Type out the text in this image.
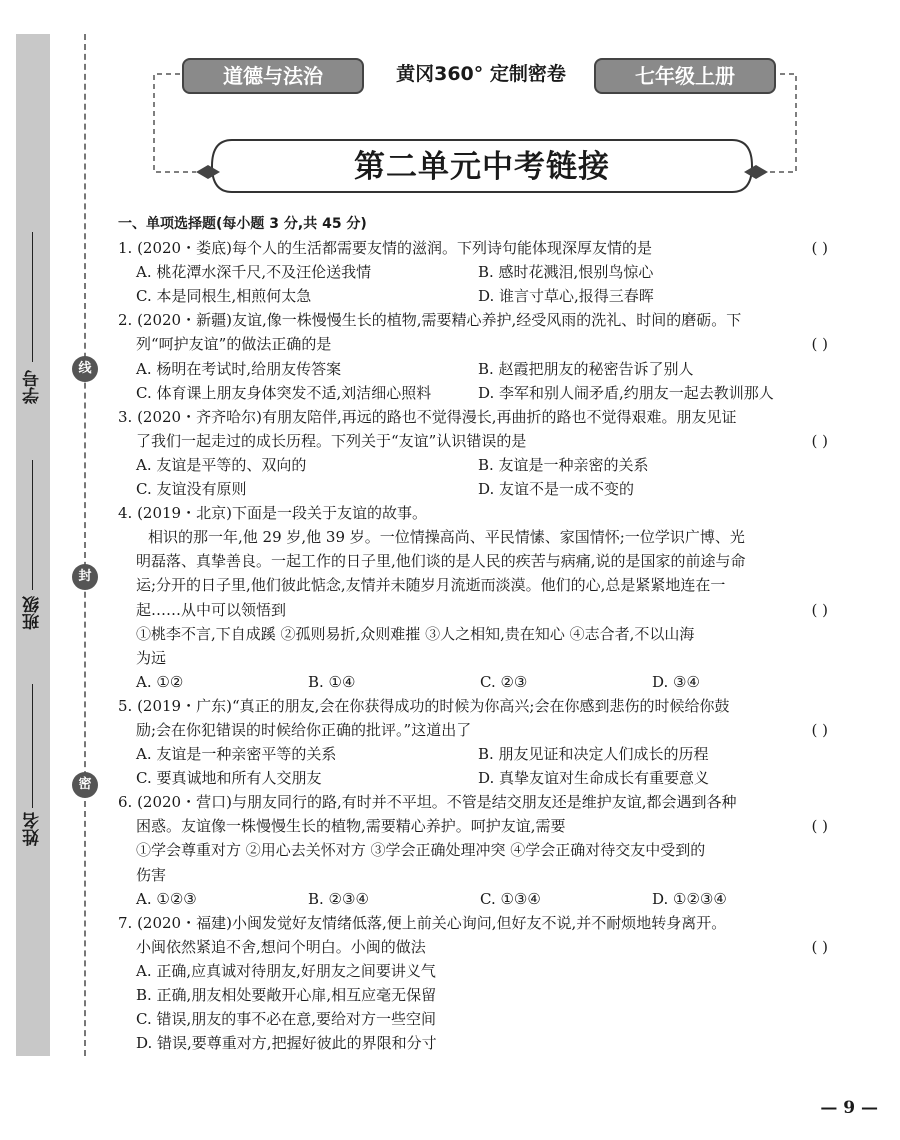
学号
班级
姓名
线
封
密
道德与法治	黄冈360° 定制密卷	七年级上册
第二单元中考链接
一、单项选择题(每小题 3 分,共 45 分)
1. (2020・娄底)每个人的生活都需要友情的滋润。下列诗句能体现深厚友情的是	( )
A. 桃花潭水深千尺,不及汪伦送我情	B. 感时花溅泪,恨别鸟惊心
C. 本是同根生,相煎何太急	D. 谁言寸草心,报得三春晖
2. (2020・新疆)友谊,像一株慢慢生长的植物,需要精心养护,经受风雨的洗礼、时间的磨砺。下
列“呵护友谊”的做法正确的是	( )
A. 杨明在考试时,给朋友传答案	B. 赵霞把朋友的秘密告诉了别人
C. 体育课上朋友身体突发不适,刘洁细心照料	D. 李军和别人闹矛盾,约朋友一起去教训那人
3. (2020・齐齐哈尔)有朋友陪伴,再远的路也不觉得漫长,再曲折的路也不觉得艰难。朋友见证
了我们一起走过的成长历程。下列关于“友谊”认识错误的是	( )
A. 友谊是平等的、双向的	B. 友谊是一种亲密的关系
C. 友谊没有原则	D. 友谊不是一成不变的
4. (2019・北京)下面是一段关于友谊的故事。
相识的那一年,他 29 岁,他 39 岁。一位情操高尚、平民情愫、家国情怀;一位学识广博、光
明磊落、真挚善良。一起工作的日子里,他们谈的是人民的疾苦与病痛,说的是国家的前途与命
运;分开的日子里,他们彼此惦念,友情并未随岁月流逝而淡漠。他们的心,总是紧紧地连在一
起……从中可以领悟到	( )
①桃李不言,下自成蹊 ②孤则易折,众则难摧 ③人之相知,贵在知心 ④志合者,不以山海
为远
A. ①②	B. ①④	C. ②③	D. ③④
5. (2019・广东)“真正的朋友,会在你获得成功的时候为你高兴;会在你感到悲伤的时候给你鼓
励;会在你犯错误的时候给你正确的批评。”这道出了	( )
A. 友谊是一种亲密平等的关系	B. 朋友见证和决定人们成长的历程
C. 要真诚地和所有人交朋友	D. 真挚友谊对生命成长有重要意义
6. (2020・营口)与朋友同行的路,有时并不平坦。不管是结交朋友还是维护友谊,都会遇到各种
困惑。友谊像一株慢慢生长的植物,需要精心养护。呵护友谊,需要	( )
①学会尊重对方 ②用心去关怀对方 ③学会正确处理冲突 ④学会正确对待交友中受到的
伤害
A. ①②③	B. ②③④	C. ①③④	D. ①②③④
7. (2020・福建)小闽发觉好友情绪低落,便上前关心询问,但好友不说,并不耐烦地转身离开。
小闽依然紧追不舍,想问个明白。小闽的做法	( )
A. 正确,应真诚对待朋友,好朋友之间要讲义气
B. 正确,朋友相处要敞开心扉,相互应毫无保留
C. 错误,朋友的事不必在意,要给对方一些空间
D. 错误,要尊重对方,把握好彼此的界限和分寸
— 9 —
